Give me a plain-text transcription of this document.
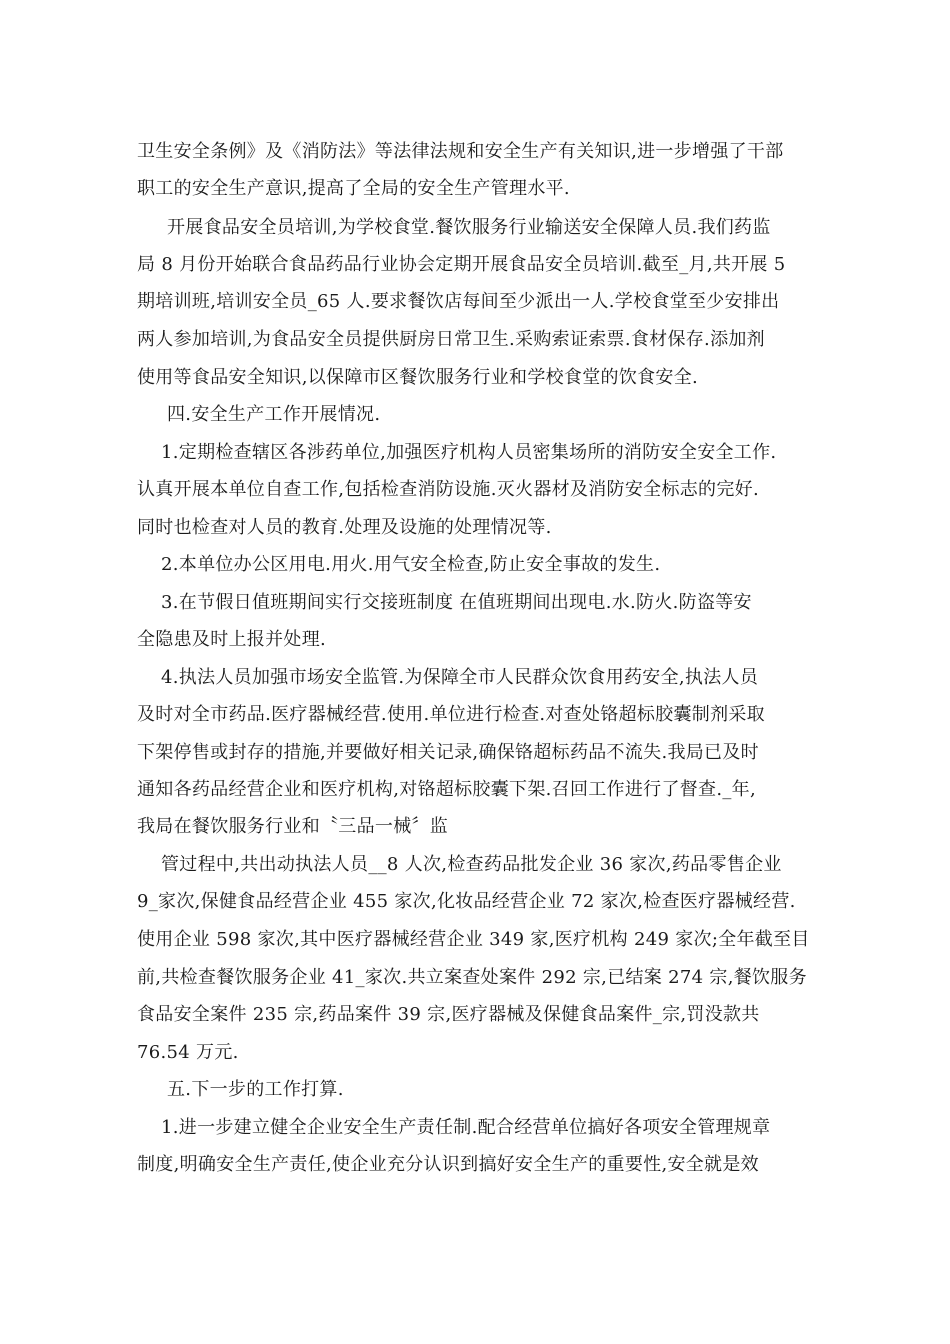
卫生安全条例》及《消防法》等法律法规和安全生产有关知识,进一步增强了干部
职工的安全生产意识,提高了全局的安全生产管理水平.
开展食品安全员培训,为学校食堂.餐饮服务行业输送安全保障人员.我们药监
局 8 月份开始联合食品药品行业协会定期开展食品安全员培训.截至_月,共开展 5
期培训班,培训安全员_65 人.要求餐饮店每间至少派出一人.学校食堂至少安排出
两人参加培训,为食品安全员提供厨房日常卫生.采购索证索票.食材保存.添加剂
使用等食品安全知识,以保障市区餐饮服务行业和学校食堂的饮食安全.
四.安全生产工作开展情况.
1.定期检查辖区各涉药单位,加强医疗机构人员密集场所的消防安全安全工作.
认真开展本单位自查工作,包括检查消防设施.灭火器材及消防安全标志的完好.
同时也检查对人员的教育.处理及设施的处理情况等.
2.本单位办公区用电.用火.用气安全检查,防止安全事故的发生.
3.在节假日值班期间实行交接班制度 在值班期间出现电.水.防火.防盗等安
全隐患及时上报并处理.
4.执法人员加强市场安全监管.为保障全市人民群众饮食用药安全,执法人员
及时对全市药品.医疗器械经营.使用.单位进行检查.对查处铬超标胶囊制剂采取
下架停售或封存的措施,并要做好相关记录,确保铬超标药品不流失.我局已及时
通知各药品经营企业和医疗机构,对铬超标胶囊下架.召回工作进行了督查._年,
我局在餐饮服务行业和〝三品一械〞监
管过程中,共出动执法人员__8 人次,检查药品批发企业 36 家次,药品零售企业
9_家次,保健食品经营企业 455 家次,化妆品经营企业 72 家次,检查医疗器械经营.
使用企业 598 家次,其中医疗器械经营企业 349 家,医疗机构 249 家次;全年截至目
前,共检查餐饮服务企业 41_家次.共立案查处案件 292 宗,已结案 274 宗,餐饮服务
食品安全案件 235 宗,药品案件 39 宗,医疗器械及保健食品案件_宗,罚没款共
76.54 万元.
五.下一步的工作打算.
1.进一步建立健全企业安全生产责任制.配合经营单位搞好各项安全管理规章
制度,明确安全生产责任,使企业充分认识到搞好安全生产的重要性,安全就是效
